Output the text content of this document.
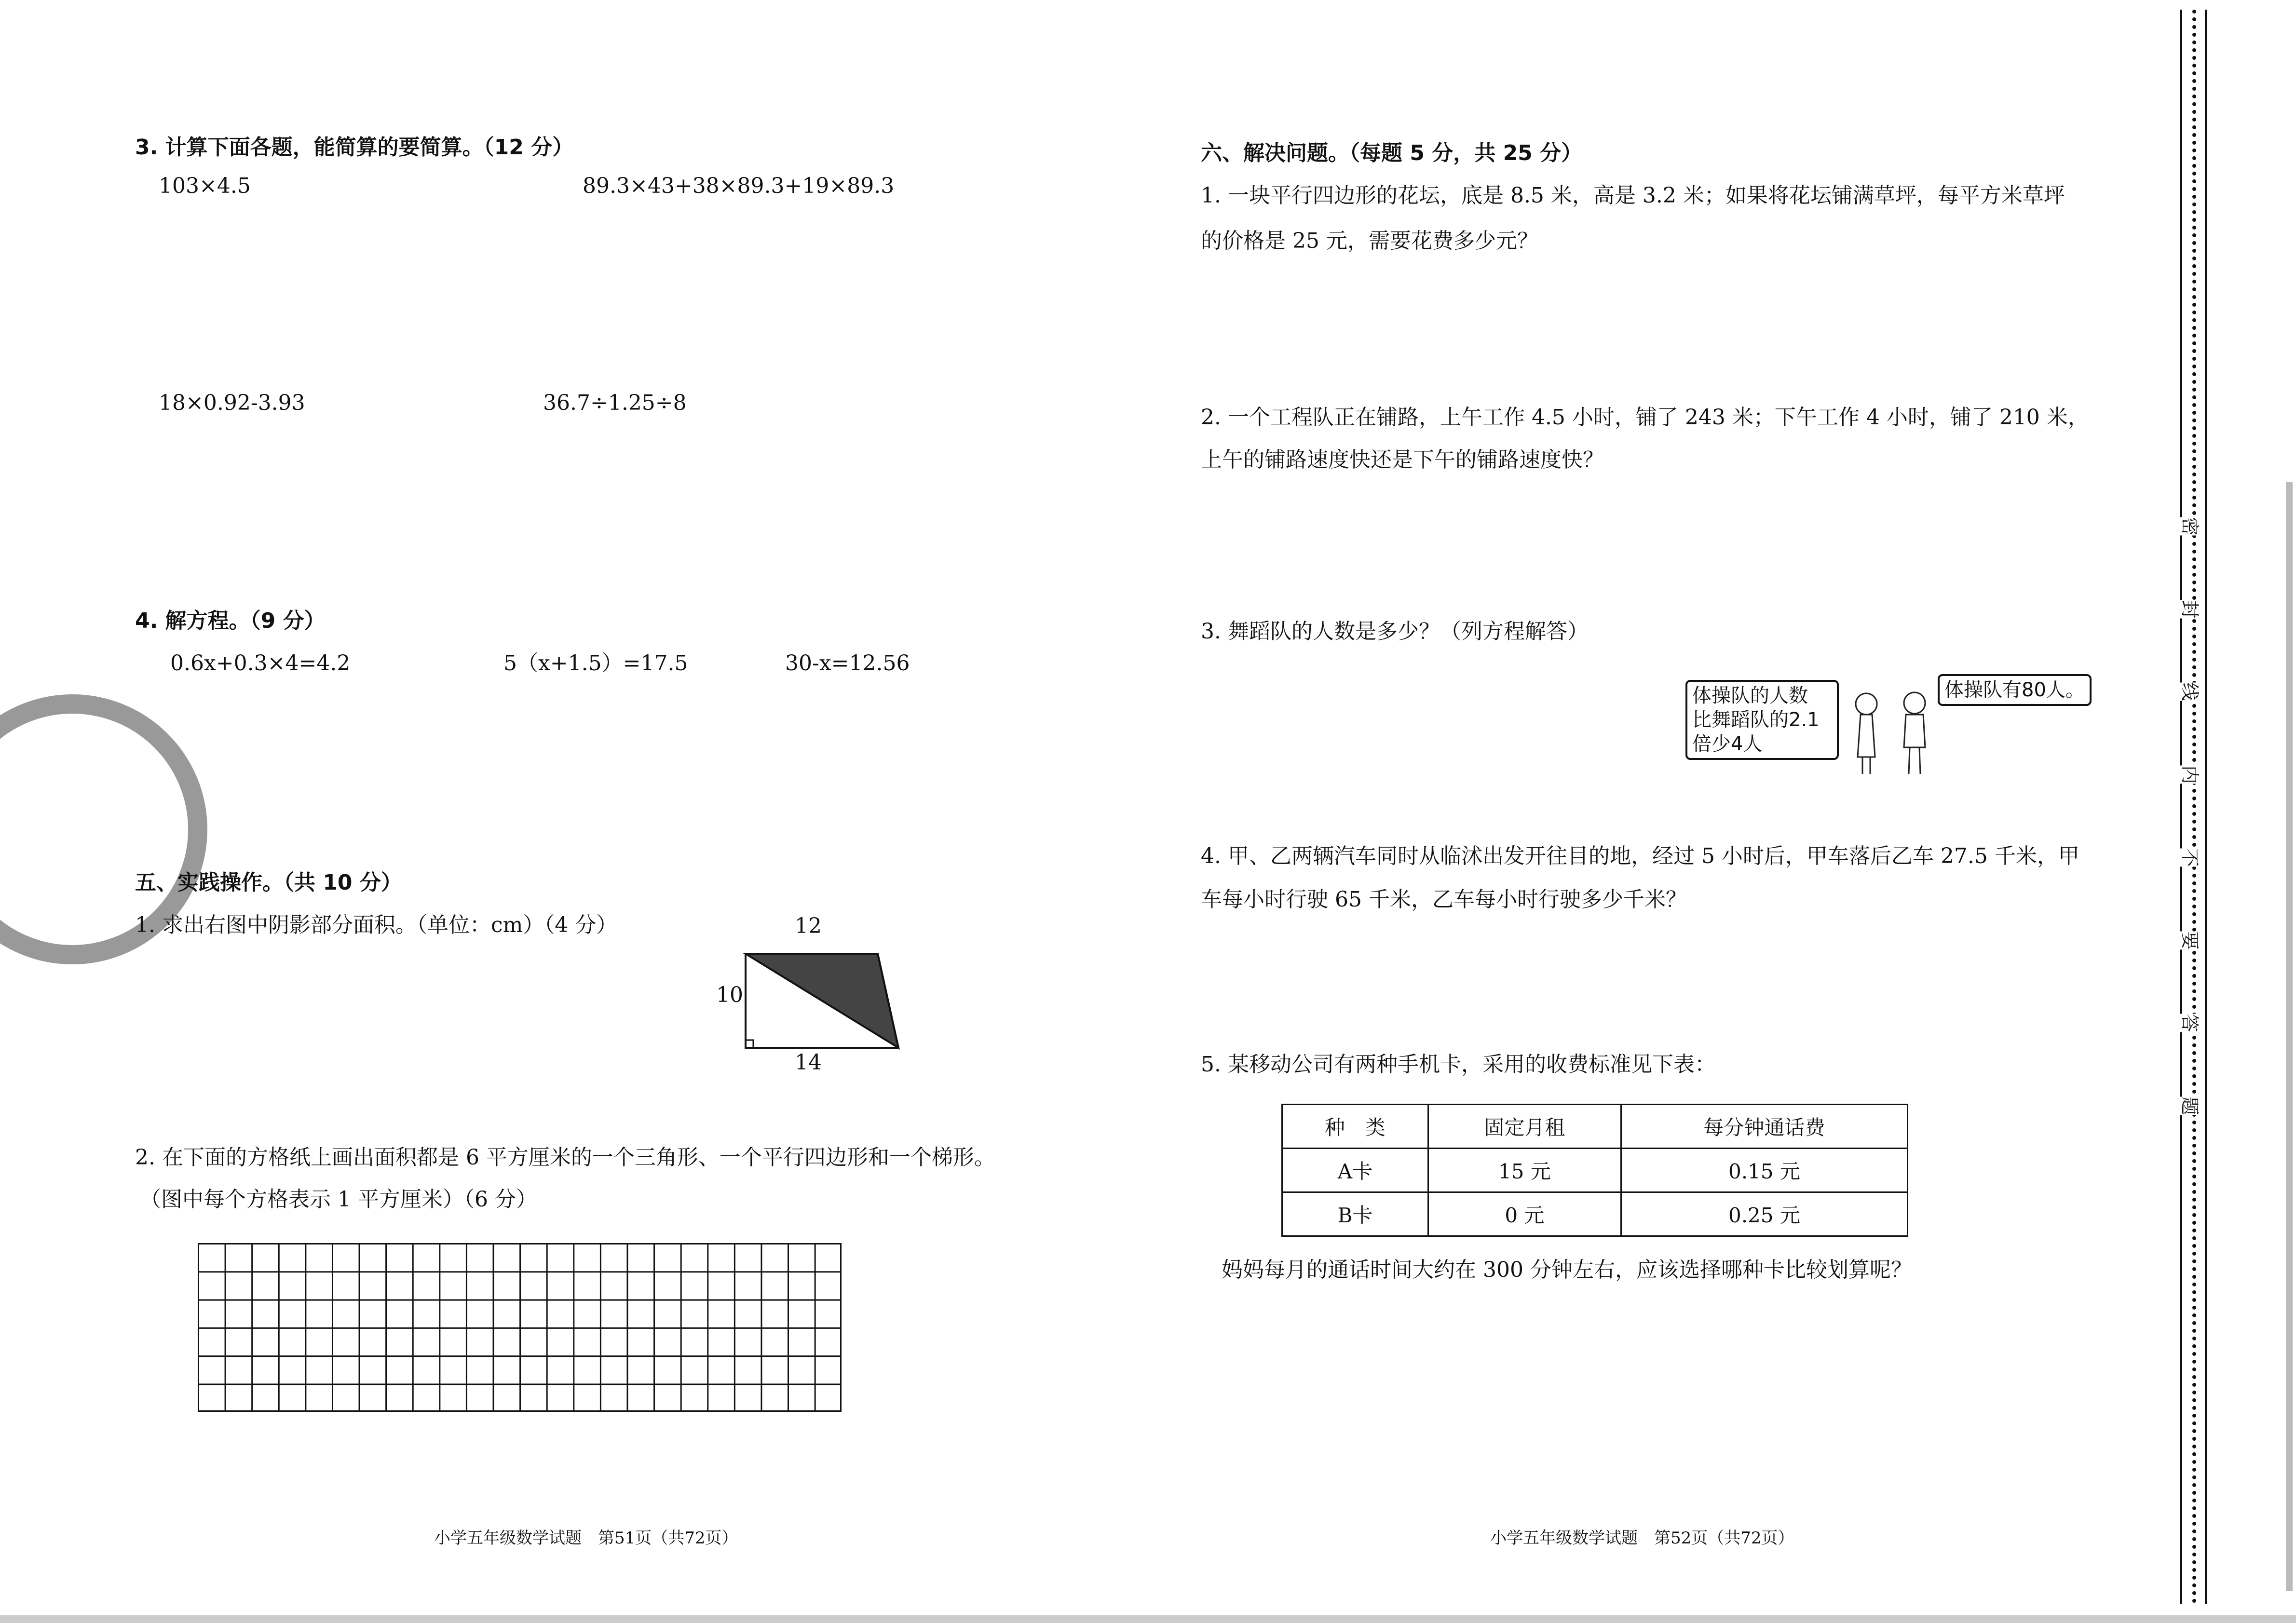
3. 计算下面各题，能简算的要简算。（12 分）
103×4.5	89.3×43+38×89.3+19×89.3
18×0.92-3.93	36.7÷1.25÷8
4. 解方程。（9 分）
0.6x+0.3×4=4.2	5（x+1.5）=17.5	30-x=12.56
五、实践操作。（共 10 分）
1. 求出右图中阴影部分面积。（单位：cm）（4 分）	12
10
14
2. 在下面的方格纸上画出面积都是 6 平方厘米的一个三角形、一个平行四边形和一个梯形。
（图中每个方格表示 1 平方厘米）（6 分）
小学五年级数学试题　第51页（共72页）
六、解决问题。（每题 5 分，共 25 分）
1. 一块平行四边形的花坛，底是 8.5 米，高是 3.2 米；如果将花坛铺满草坪，每平方米草坪
的价格是 25 元，需要花费多少元？
2. 一个工程队正在铺路，上午工作 4.5 小时，铺了 243 米；下午工作 4 小时，铺了 210 米，
上午的铺路速度快还是下午的铺路速度快？
3. 舞蹈队的人数是多少？（列方程解答）
体操队的人数
比舞蹈队的2.1
倍少4人
体操队有80人。
4. 甲、乙两辆汽车同时从临沭出发开往目的地，经过 5 小时后，甲车落后乙车 27.5 千米，甲
车每小时行驶 65 千米，乙车每小时行驶多少千米？
5. 某移动公司有两种手机卡，采用的收费标准见下表：
种　类	固定月租	每分钟通话费
A卡	15 元	0.15 元
B卡	0 元	0.25 元
妈妈每月的通话时间大约在 300 分钟左右，应该选择哪种卡比较划算呢？
小学五年级数学试题　第52页（共72页）
密
封
线
内
不
要
答
题
